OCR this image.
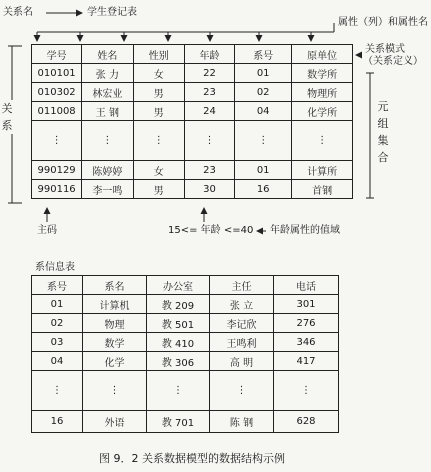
关系名	学生登记表
属性（列）和属性名
关系模式
（关系定义）
关系
元组集合
学号	姓名	性别	年龄	系号	原单位
010101	张 力	女	22	01	数学所
010302	林宏业	男	23	02	物理所
011008	王 钢	男	24	04	化学所
⋮	⋮	⋮	⋮	⋮	⋮
990129	陈婷婷	女	23	01	计算所
990116	李一鸣	男	30	16	首钢
主码	15<= 年龄 <=40 年龄属性的值域
系信息表
系号	系名	办公室	主任	电话
01	计算机	教 209	张 立	301
02	物理	教 501	李记欣	276
03	数学	教 410	王鸣利	346
04	化学	教 306	高 明	417
⋮	⋮	⋮	⋮	⋮
16	外语	教 701	陈 钢	628
图 9．2 关系数据模型的数据结构示例
